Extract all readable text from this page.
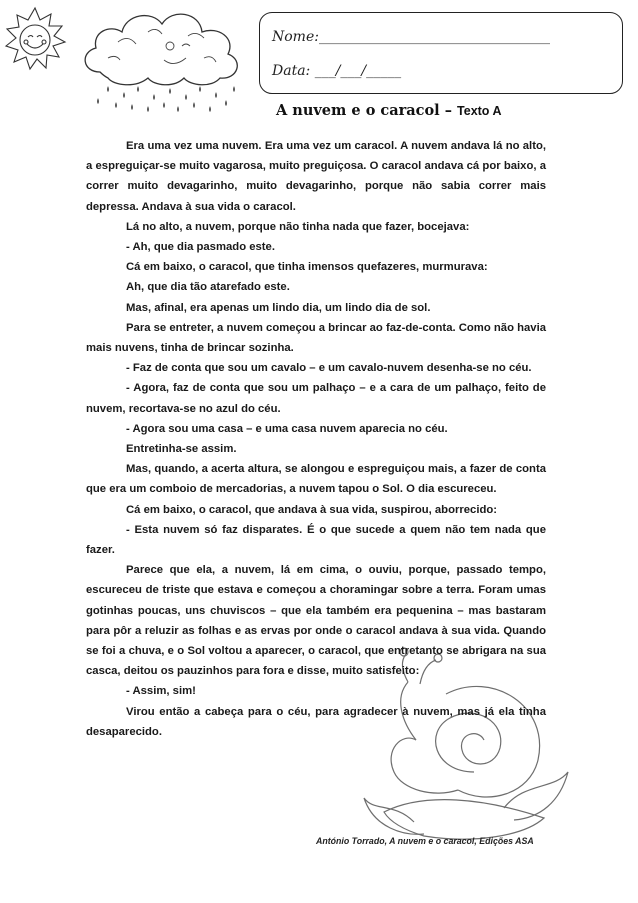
Nome:_________________________________
Data: ___/___/_____
A nuvem e o caracol – Texto A

Era uma vez uma nuvem. Era uma vez um caracol. A nuvem andava lá no alto, a espreguiçar-se muito vagarosa, muito preguiçosa. O caracol andava cá por baixo, a correr muito devagarinho, muito devagarinho, porque não sabia correr mais depressa. Andava à sua vida o caracol.

Lá no alto, a nuvem, porque não tinha nada que fazer, bocejava:

- Ah, que dia pasmado este.

Cá em baixo, o caracol, que tinha imensos quefazeres, murmurava:

Ah, que dia tão atarefado este.

Mas, afinal, era apenas um lindo dia, um lindo dia de sol.

Para se entreter, a nuvem começou a brincar ao faz-de-conta. Como não havia mais nuvens, tinha de brincar sozinha.

- Faz de conta que sou um cavalo – e um cavalo-nuvem desenha-se no céu.

- Agora, faz de conta que sou um palhaço – e a cara de um palhaço, feito de nuvem, recortava-se no azul do céu.

- Agora sou uma casa – e uma casa nuvem aparecia no céu.

Entretinha-se assim.

Mas, quando, a acerta altura, se alongou e espreguiçou mais, a fazer de conta que era um comboio de mercadorias, a nuvem tapou o Sol. O dia escureceu.

Cá em baixo, o caracol, que andava à sua vida, suspirou, aborrecido:

- Esta nuvem só faz disparates. É o que sucede a quem não tem nada que fazer.

Parece que ela, a nuvem, lá em cima, o ouviu, porque, passado tempo, escureceu de triste que estava e começou a choramingar sobre a terra. Foram umas gotinhas poucas, uns chuviscos – que ela também era pequenina – mas bastaram para pôr a reluzir as folhas e as ervas por onde o caracol andava à sua vida. Quando se foi a chuva, e o Sol voltou a aparecer, o caracol, que entretanto se abrigara na sua casca, deitou os pauzinhos para fora e disse, muito satisfeito:

- Assim, sim!

Virou então a cabeça para o céu, para agradecer à nuvem, mas já ela tinha desaparecido.

António Torrado, A nuvem e o caracol, Edições ASA
